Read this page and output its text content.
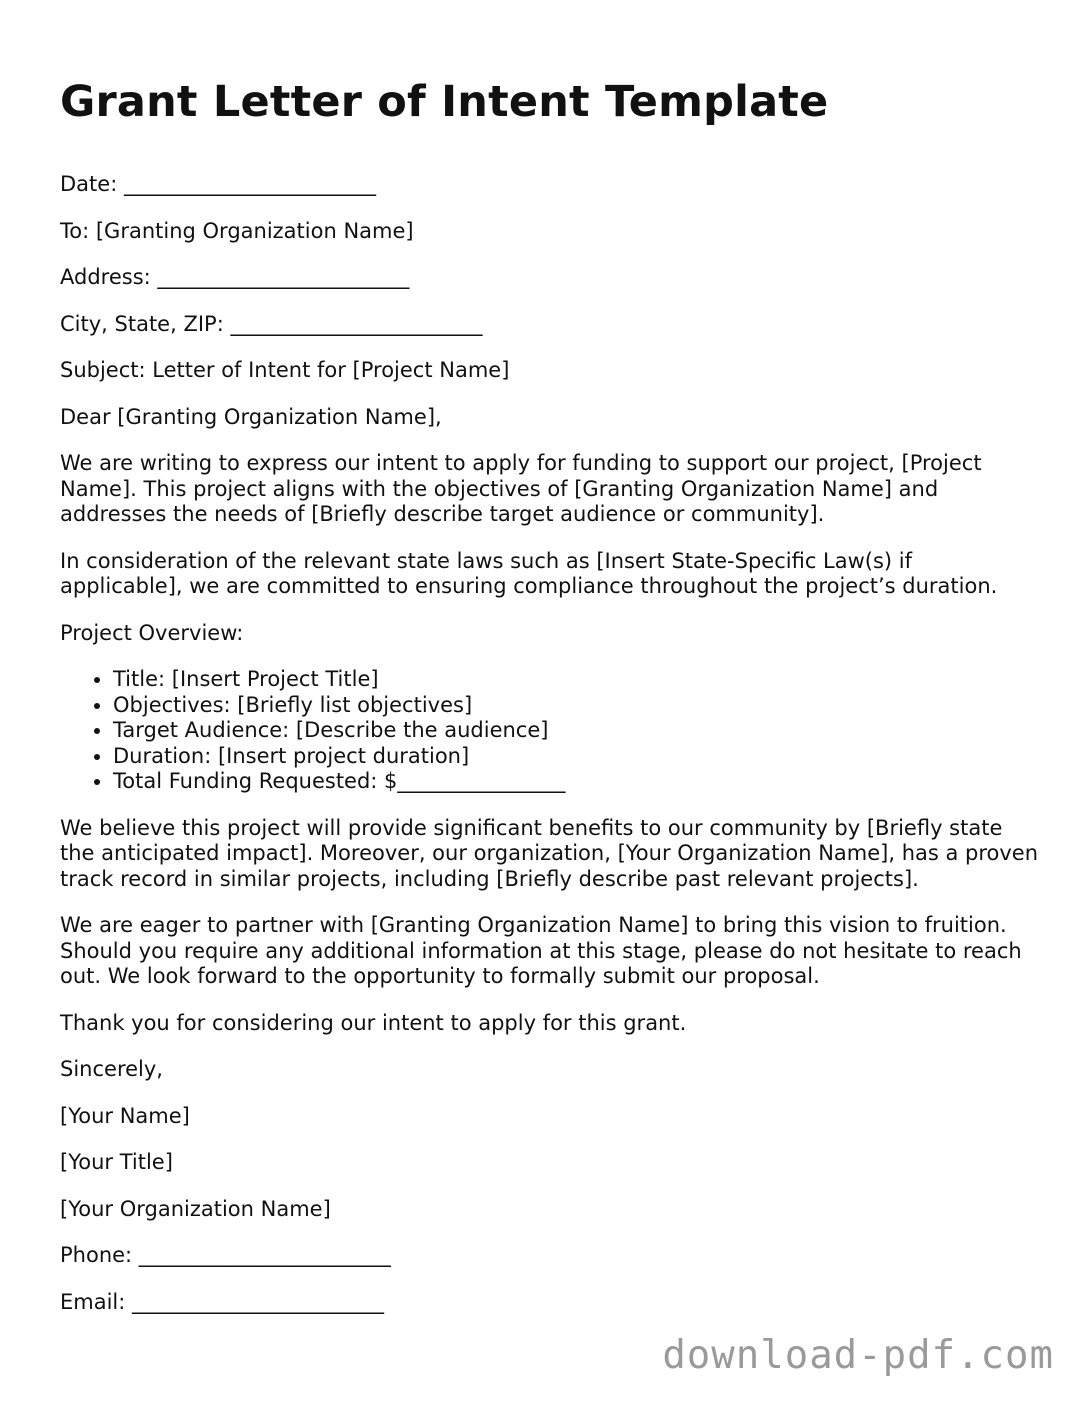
Grant Letter of Intent Template

Date: ________________________

To: [Granting Organization Name]

Address: ________________________

City, State, ZIP: ________________________

Subject: Letter of Intent for [Project Name]

Dear [Granting Organization Name],

We are writing to express our intent to apply for funding to support our project, [Project Name]. This project aligns with the objectives of [Granting Organization Name] and addresses the needs of [Briefly describe target audience or community].

In consideration of the relevant state laws such as [Insert State-Specific Law(s) if applicable], we are committed to ensuring compliance throughout the project’s duration.

Project Overview:

• Title: [Insert Project Title]
• Objectives: [Briefly list objectives]
• Target Audience: [Describe the audience]
• Duration: [Insert project duration]
• Total Funding Requested: $________________

We believe this project will provide significant benefits to our community by [Briefly state the anticipated impact]. Moreover, our organization, [Your Organization Name], has a proven track record in similar projects, including [Briefly describe past relevant projects].

We are eager to partner with [Granting Organization Name] to bring this vision to fruition. Should you require any additional information at this stage, please do not hesitate to reach out. We look forward to the opportunity to formally submit our proposal.

Thank you for considering our intent to apply for this grant.

Sincerely,

[Your Name]

[Your Title]

[Your Organization Name]

Phone: ________________________

Email: ________________________

download-pdf.com
